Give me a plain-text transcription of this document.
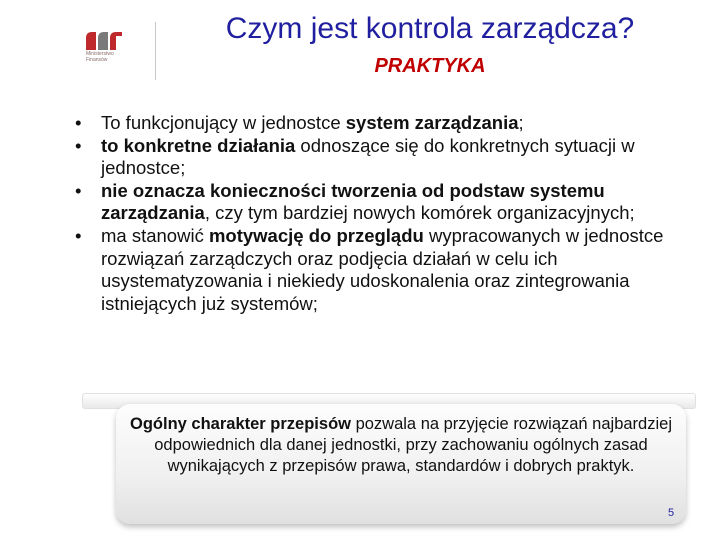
Ministerstwo
Finansów
Czym jest kontrola zarządcza?
PRAKTYKA
• To funkcjonujący w jednostce system zarządzania;
• to konkretne działania odnoszące się do konkretnych sytuacji w jednostce;
• nie oznacza konieczności tworzenia od podstaw systemu zarządzania, czy tym bardziej nowych komórek organizacyjnych;
• ma stanowić motywację do przeglądu wypracowanych w jednostce rozwiązań zarządczych oraz podjęcia działań w celu ich usystematyzowania i niekiedy udoskonalenia oraz zintegrowania istniejących już systemów;
Ogólny charakter przepisów pozwala na przyjęcie rozwiązań najbardziej odpowiednich dla danej jednostki, przy zachowaniu ogólnych zasad wynikających z przepisów prawa, standardów i dobrych praktyk.
5
